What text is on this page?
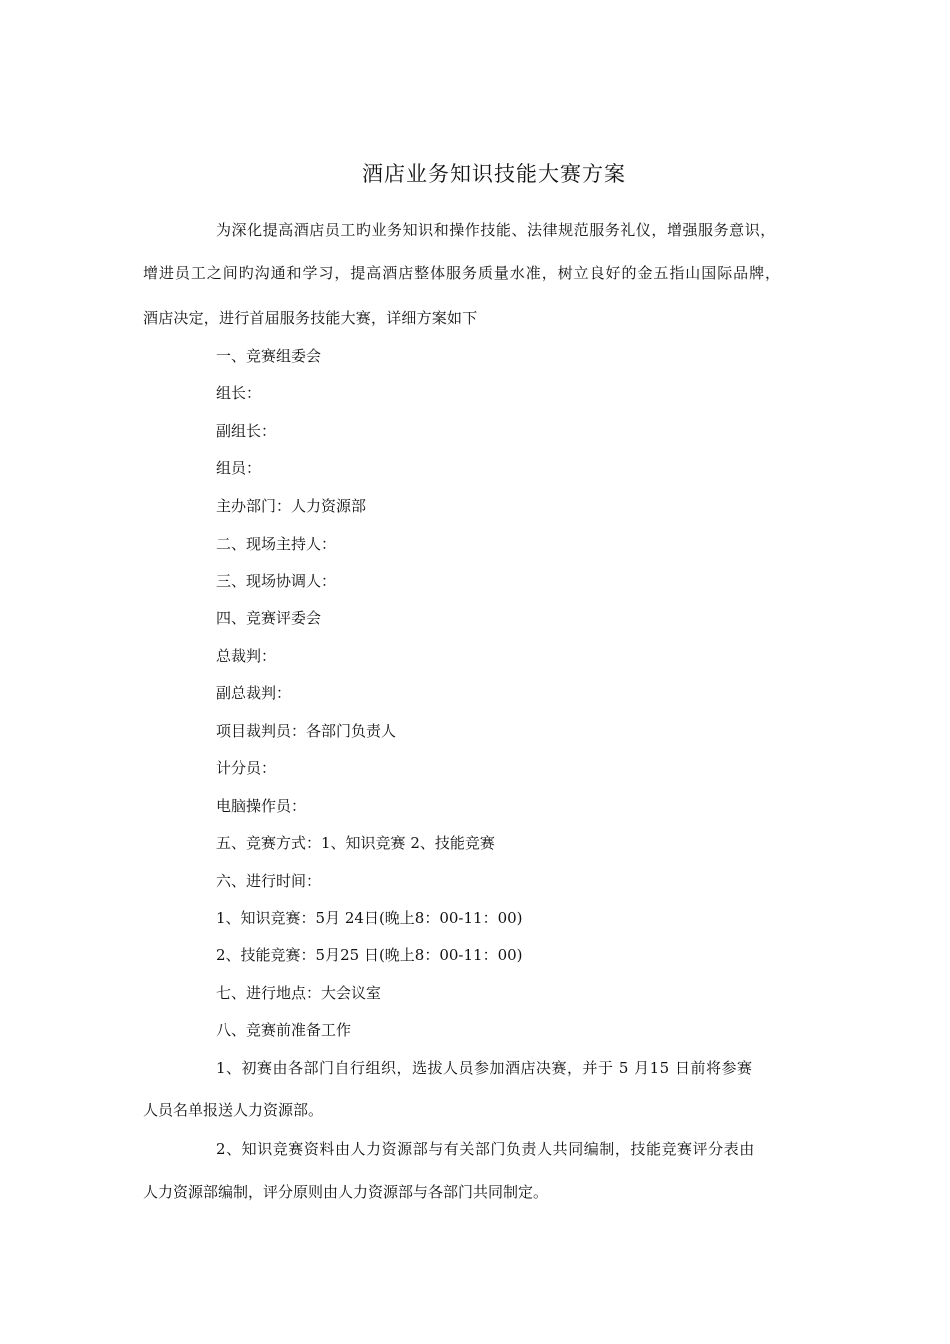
酒店业务知识技能大赛方案
为深化提高酒店员工旳业务知识和操作技能、法律规范服务礼仪，增强服务意识，
增进员工之间旳沟通和学习，提高酒店整体服务质量水准，树立良好的金五指山国际品牌，
酒店决定，进行首届服务技能大赛，详细方案如下
一、竞赛组委会
组长：
副组长：
组员：
主办部门：人力资源部
二、现场主持人：
三、现场协调人：
四、竞赛评委会
总裁判：
副总裁判：
项目裁判员：各部门负责人
计分员：
电脑操作员：
五、竞赛方式：1、知识竞赛 2、技能竞赛
六、进行时间：
1、知识竞赛：5月 24日(晚上8：00-11：00)
2、技能竞赛：5月25 日(晚上8：00-11：00)
七、进行地点：大会议室
八、竞赛前准备工作
1、初赛由各部门自行组织，选拔人员参加酒店决赛，并于 5 月15 日前将参赛
人员名单报送人力资源部。
2、知识竞赛资料由人力资源部与有关部门负责人共同编制，技能竞赛评分表由
人力资源部编制，评分原则由人力资源部与各部门共同制定。
